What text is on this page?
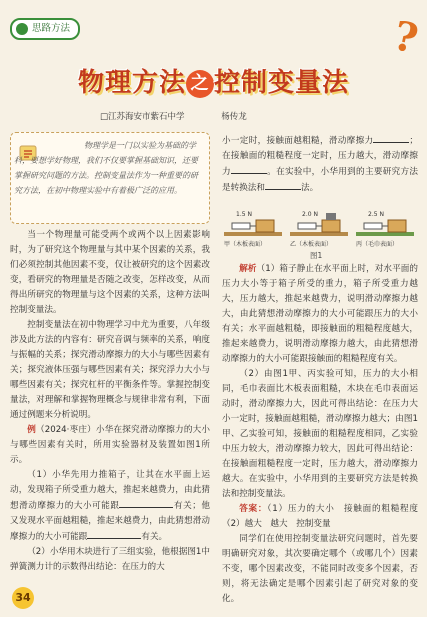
思路方法	?
物理方法 之 控制变量法
□江苏海安市紫石中学	杨传龙
物理学是一门以实验为基础的学科，要想学好物理，我们不仅要掌握基础知识，还要掌握研究问题的方法。控制变量法作为一种重要的研究方法，在初中物理实验中有着极广泛的应用。

当一个物理量可能受两个或两个以上因素影响时，为了研究这个物理量与其中某个因素的关系，我们必须控制其他因素不变，仅让被研究的这个因素改变，看研究的物理量是否随之改变，怎样改变，从而得出所研究的物理量与这个因素的关系，这种方法叫控制变量法。

控制变量法在初中物理学习中尤为重要，八年级涉及此方法的内容有：研究音调与频率的关系，响度与振幅的关系；探究滑动摩擦力的大小与哪些因素有关；探究液体压强与哪些因素有关；探究浮力大小与哪些因素有关；探究杠杆的平衡条件等。掌握控制变量法，对理解和掌握物理概念与规律非常有利，下面通过例题来分析说明。

例（2024·枣庄）小华在探究滑动摩擦力的大小与哪些因素有关时，所用实验器材及装置如图1所示。

（1）小华先用力推箱子，让其在水平面上运动，发现箱子所受重力越大，推起来越费力，由此猜想滑动摩擦力的大小可能跟	有关；他又发现水平面越粗糙，推起来越费力，由此猜想滑动摩擦力的大小可能跟	有关。

（2）小华用木块进行了三组实验，他根据图1中弹簧测力计的示数得出结论：在压力的大

小一定时，接触面越粗糙，滑动摩擦力	；在接触面的粗糙程度一定时，压力越大，滑动摩擦力	。在实验中，小华用到的主要研究方法是转换法和	法。

1.5 N
甲（木板表面）
2.0 N
乙（木板表面）
2.5 N
丙（毛巾表面）
图1

解析（1）箱子静止在水平面上时，对水平面的压力大小等于箱子所受的重力，箱子所受重力越大，压力越大，推起来越费力，说明滑动摩擦力越大，由此猜想滑动摩擦力的大小可能跟压力的大小有关；水平面越粗糙，即接触面的粗糙程度越大，推起来越费力，说明滑动摩擦力越大，由此猜想滑动摩擦力的大小可能跟接触面的粗糙程度有关。

（2）由图1甲、丙实验可知，压力的大小相同，毛巾表面比木板表面粗糙，木块在毛巾表面运动时，滑动摩擦力大，因此可得出结论：在压力大小一定时，接触面越粗糙，滑动摩擦力越大；由图1甲、乙实验可知，接触面的粗糙程度相同，乙实验中压力较大，滑动摩擦力较大，因此可得出结论：在接触面粗糙程度一定时，压力越大，滑动摩擦力越大。在实验中，小华用到的主要研究方法是转换法和控制变量法。

答案：（1）压力的大小　接触面的粗糙程度　（2）越大　越大　控制变量

同学们在使用控制变量法研究问题时，首先要明确研究对象，其次要确定哪个（或哪几个）因素不变，哪个因素改变，不能同时改变多个因素，否则，将无法确定是哪个因素引起了研究对象的变化。

34
